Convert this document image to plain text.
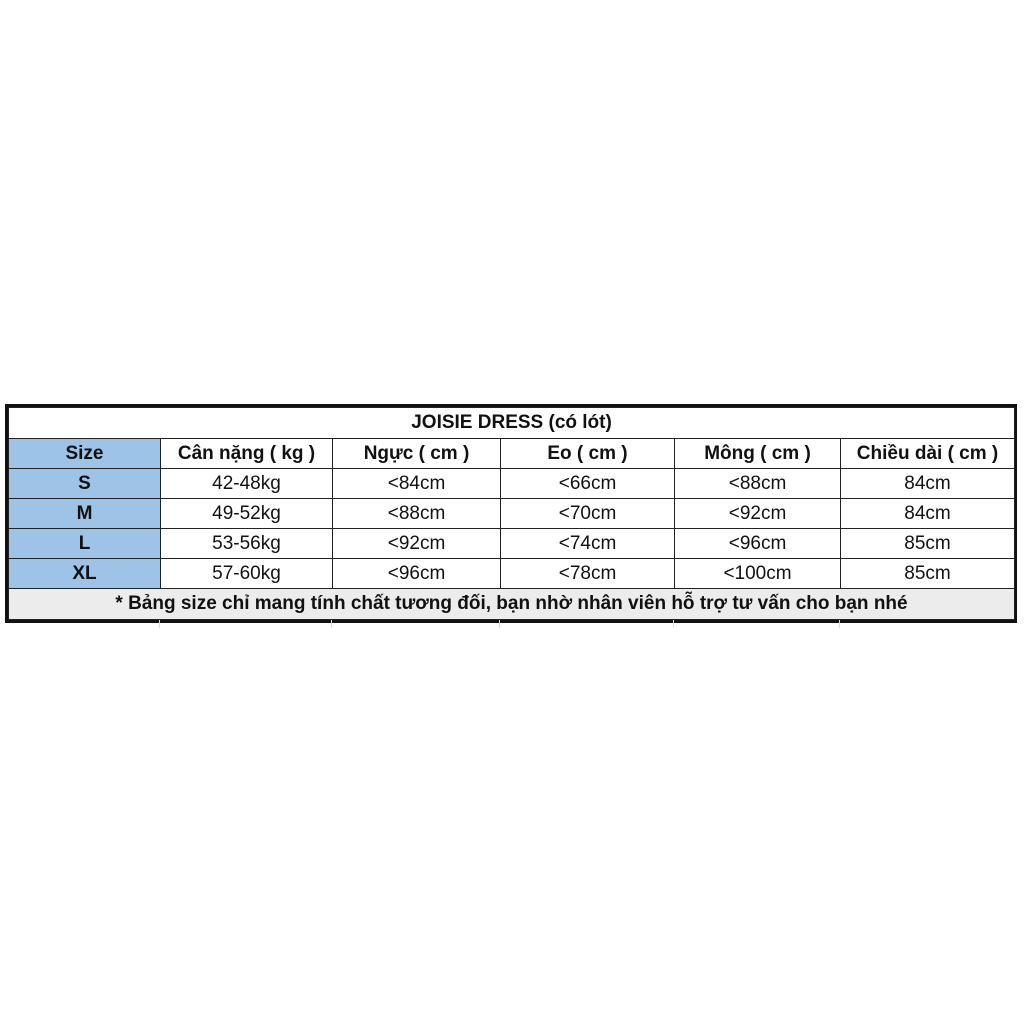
JOISIE DRESS (có lót)					
Size	Cân nặng ( kg )	Ngực ( cm )	Eo ( cm )	Mông ( cm )	Chiều dài ( cm )
S	42-48kg	<84cm	<66cm	<88cm	84cm
M	49-52kg	<88cm	<70cm	<92cm	84cm
L	53-56kg	<92cm	<74cm	<96cm	85cm
XL	57-60kg	<96cm	<78cm	<100cm	85cm
* Bảng size chỉ mang tính chất tương đối, bạn nhờ nhân viên hỗ trợ tư vấn cho bạn nhé					
